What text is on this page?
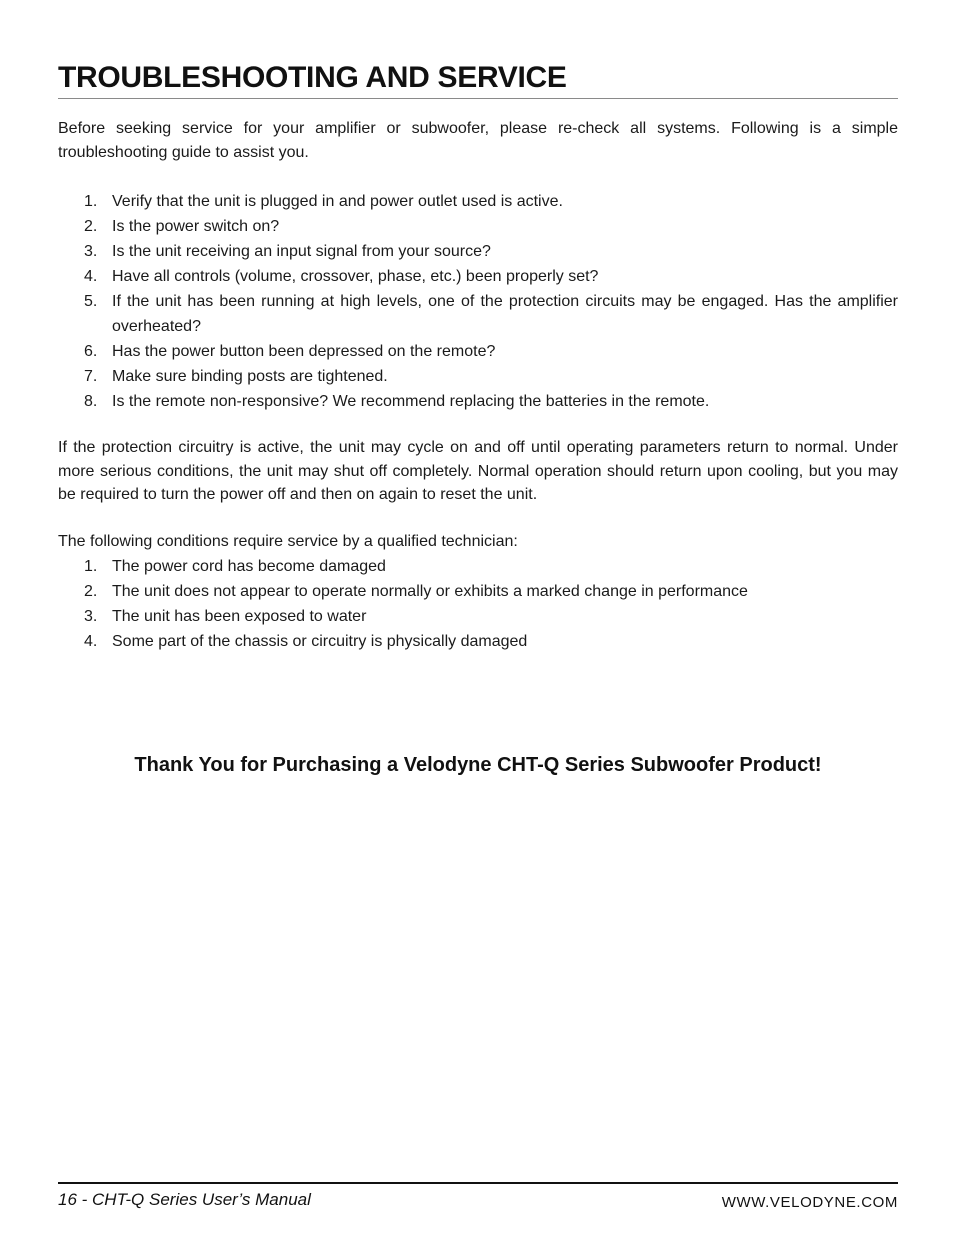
TROUBLESHOOTING AND SERVICE

Before seeking service for your amplifier or subwoofer, please re-check all systems. Following is a simple troubleshooting guide to assist you.

1. Verify that the unit is plugged in and power outlet used is active.
2. Is the power switch on?
3. Is the unit receiving an input signal from your source?
4. Have all controls (volume, crossover, phase, etc.) been properly set?
5. If the unit has been running at high levels, one of the protection circuits may be engaged. Has the amplifier overheated?
6. Has the power button been depressed on the remote?
7. Make sure binding posts are tightened.
8. Is the remote non-responsive? We recommend replacing the batteries in the remote.

If the protection circuitry is active, the unit may cycle on and off until operating parameters return to normal. Under more serious conditions, the unit may shut off completely. Normal operation should return upon cooling, but you may be required to turn the power off and then on again to reset the unit.

The following conditions require service by a qualified technician:

1. The power cord has become damaged
2. The unit does not appear to operate normally or exhibits a marked change in performance
3. The unit has been exposed to water
4. Some part of the chassis or circuitry is physically damaged

Thank You for Purchasing a Velodyne CHT-Q Series Subwoofer Product!

16 - CHT-Q Series User’s Manual	WWW.VELODYNE.COM
